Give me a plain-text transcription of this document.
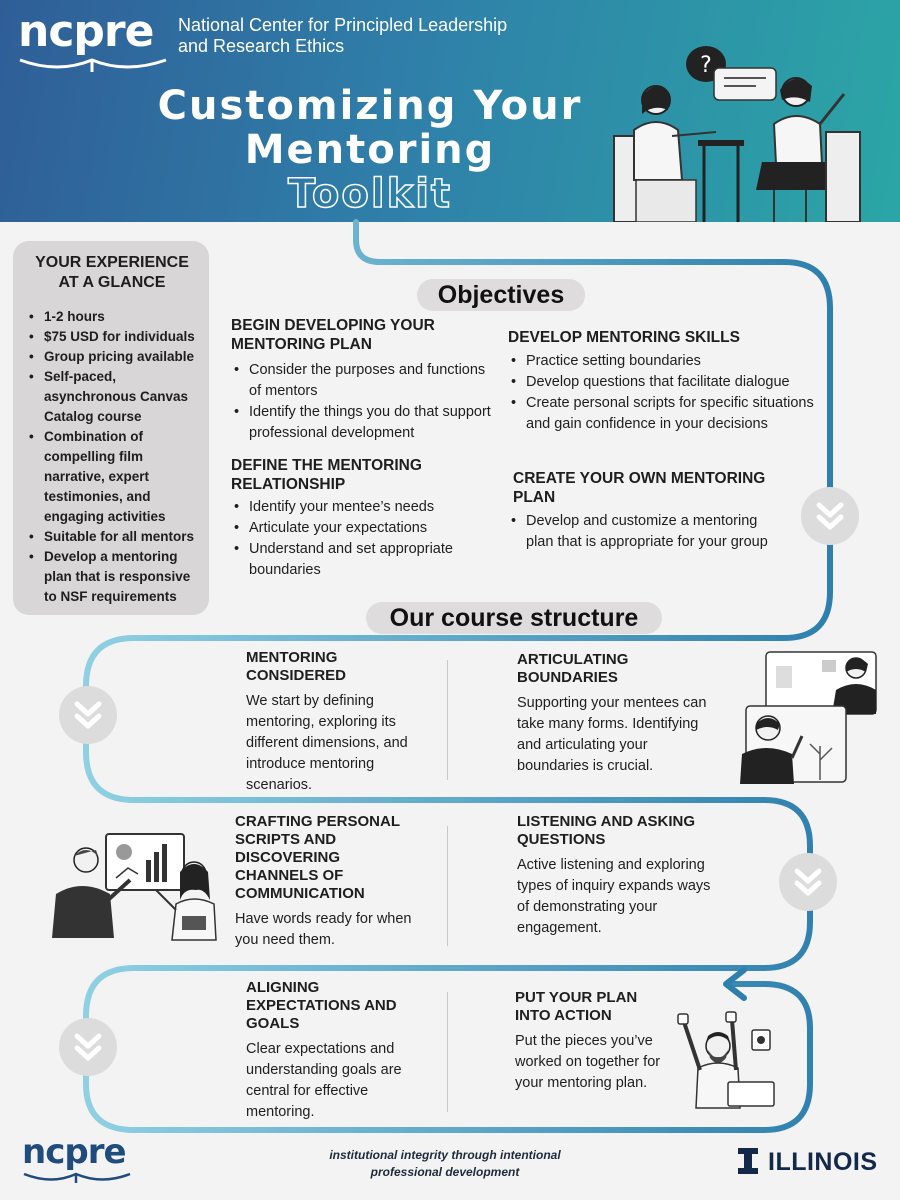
ncpre	National Center for Principled Leadership
and Research Ethics
Customizing Your
Mentoring
Toolkit
?
YOUR EXPERIENCE AT A GLANCE
• 1-2 hours
• $75 USD for individuals
• Group pricing available
• Self-paced, asynchronous Canvas Catalog course
• Combination of compelling film narrative, expert testimonies, and engaging activities
• Suitable for all mentors
• Develop a mentoring plan that is responsive to NSF requirements
Objectives
BEGIN DEVELOPING YOUR MENTORING PLAN
• Consider the purposes and functions of mentors
• Identify the things you do that support professional development
DEFINE THE MENTORING RELATIONSHIP
• Identify your mentee’s needs
• Articulate your expectations
• Understand and set appropriate boundaries
DEVELOP MENTORING SKILLS
• Practice setting boundaries
• Develop questions that facilitate dialogue
• Create personal scripts for specific situations and gain confidence in your decisions
CREATE YOUR OWN MENTORING PLAN
• Develop and customize a mentoring plan that is appropriate for your group
Our course structure
MENTORING CONSIDERED

We start by defining mentoring, exploring its different dimensions, and introduce mentoring scenarios.

ARTICULATING BOUNDARIES

Supporting your mentees can take many forms. Identifying and articulating your boundaries is crucial.

CRAFTING PERSONAL SCRIPTS AND DISCOVERING CHANNELS OF COMMUNICATION

Have words ready for when you need them.

LISTENING AND ASKING QUESTIONS

Active listening and exploring types of inquiry expands ways of demonstrating your engagement.

ALIGNING EXPECTATIONS AND GOALS

Clear expectations and understanding goals are central for effective mentoring.

PUT YOUR PLAN INTO ACTION

Put the pieces you’ve worked on together for your mentoring plan.

ncpre	institutional integrity through intentional
professional development	ILLINOIS
